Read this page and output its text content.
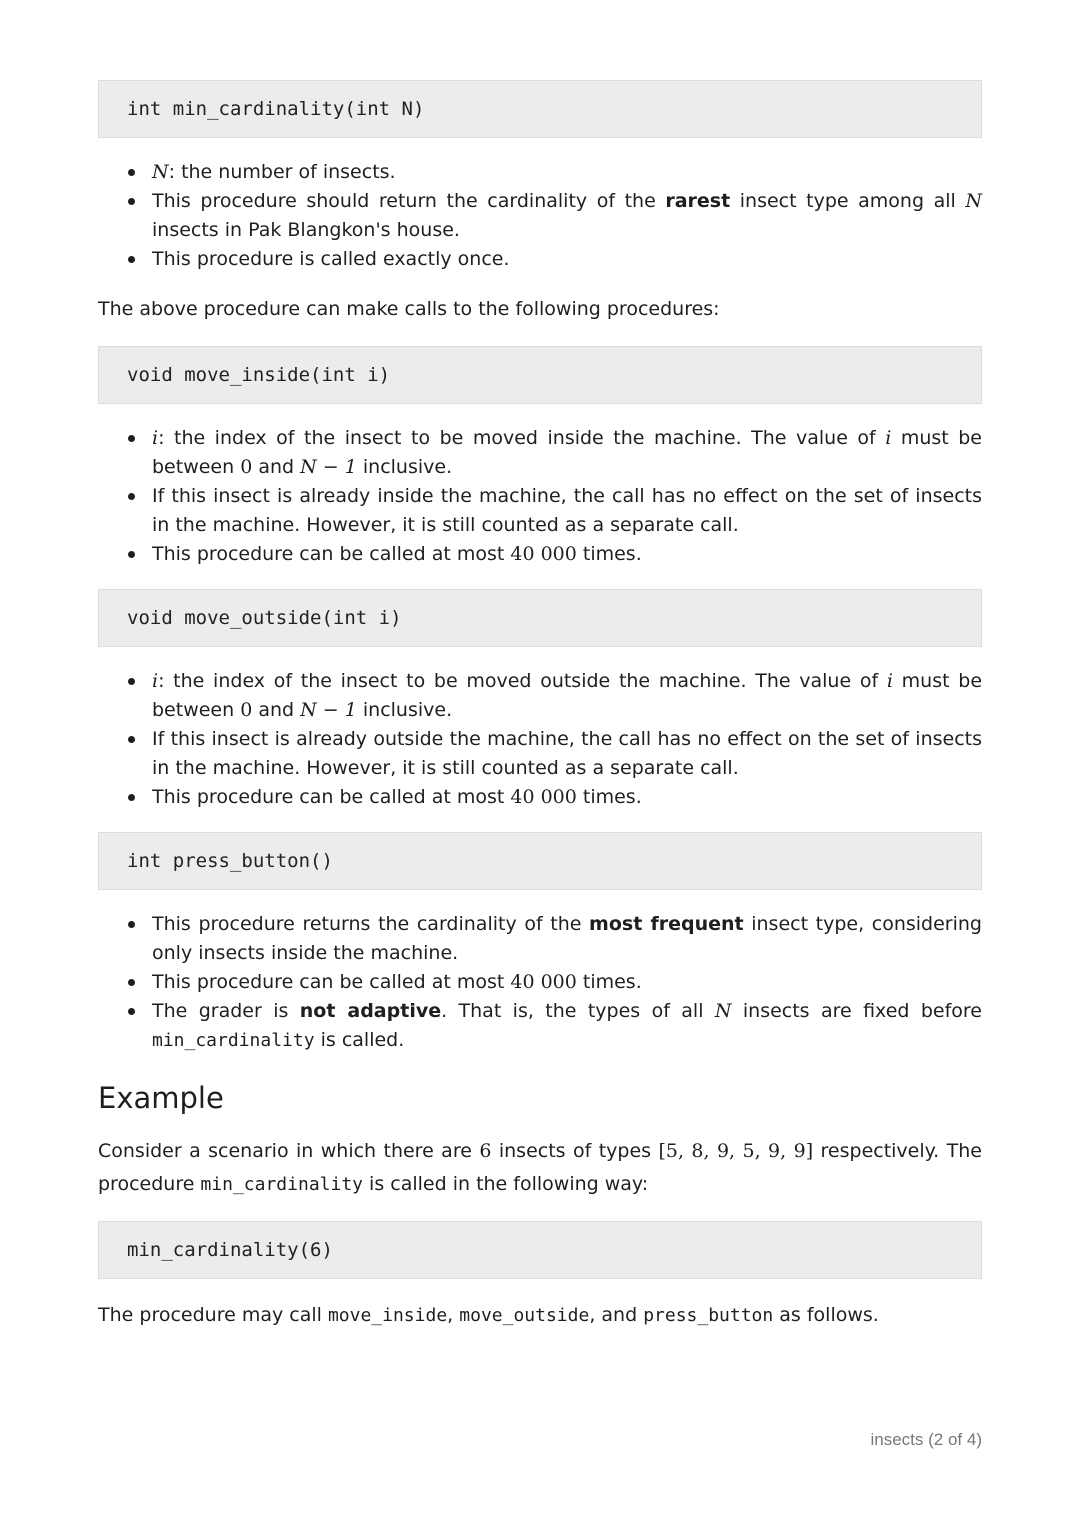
int min_cardinality(int N)
N: the number of insects.
This procedure should return the cardinality of the rarest insect type among all N insects in Pak Blangkon's house.
This procedure is called exactly once.

The above procedure can make calls to the following procedures:

void move_inside(int i)
i: the index of the insect to be moved inside the machine. The value of i must be between 0 and N − 1 inclusive.
If this insect is already inside the machine, the call has no effect on the set of insects in the machine. However, it is still counted as a separate call.
This procedure can be called at most 40 000 times.
void move_outside(int i)
i: the index of the insect to be moved outside the machine. The value of i must be between 0 and N − 1 inclusive.
If this insect is already outside the machine, the call has no effect on the set of insects in the machine. However, it is still counted as a separate call.
This procedure can be called at most 40 000 times.
int press_button()
This procedure returns the cardinality of the most frequent insect type, considering only insects inside the machine.
This procedure can be called at most 40 000 times.
The grader is not adaptive. That is, the types of all N insects are fixed before min_cardinality is called.
Example

Consider a scenario in which there are 6 insects of types [5, 8, 9, 5, 9, 9] respectively. The procedure min_cardinality is called in the following way:

min_cardinality(6)

The procedure may call move_inside, move_outside, and press_button as follows.

insects (2 of 4)
